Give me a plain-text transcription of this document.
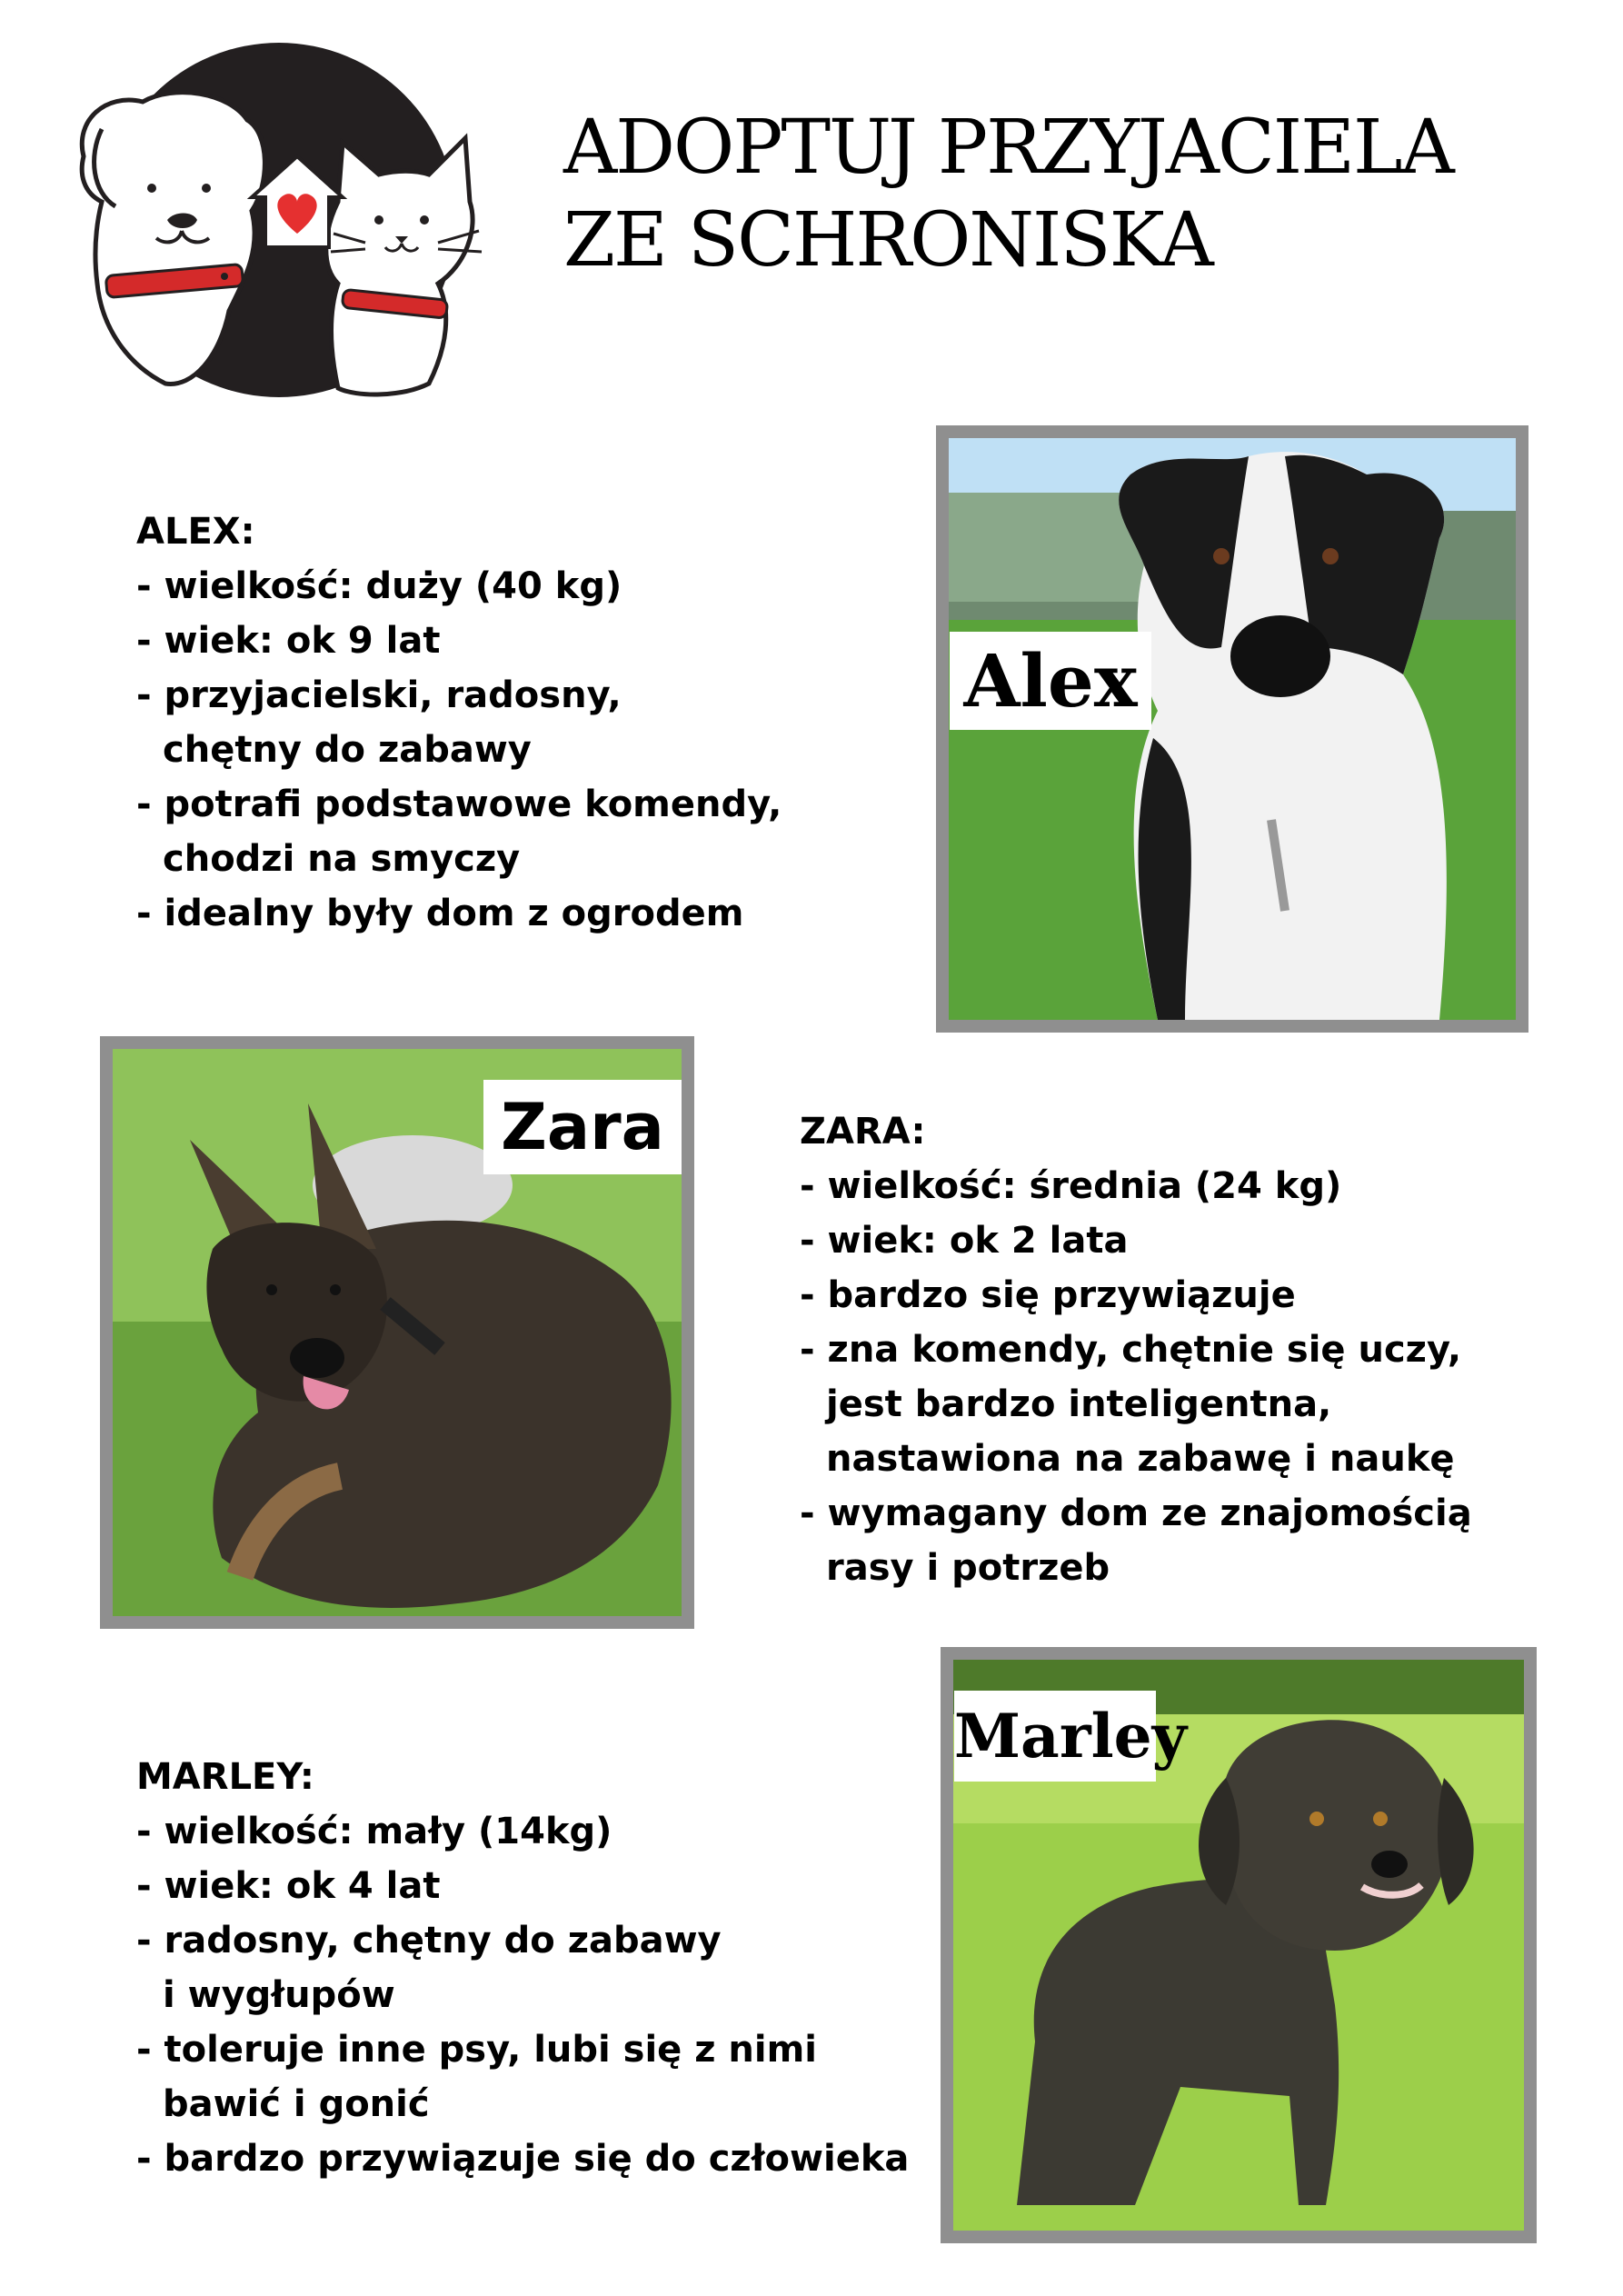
ADOPTUJ PRZYJACIELA
ZE SCHRONISKA
ALEX:
- wielkość: duży (40 kg)
- wiek: ok 9 lat
- przyjacielski, radosny,
chętny do zabawy
- potrafi podstawowe komendy,
chodzi na smyczy
- idealny były dom z ogrodem
Alex
Zara	ZARA:
- wielkość: średnia (24 kg)
- wiek: ok 2 lata
- bardzo się przywiązuje
- zna komendy, chętnie się uczy,
jest bardzo inteligentna,
nastawiona na zabawę i naukę
- wymagany dom ze znajomością
rasy i potrzeb
MARLEY:
- wielkość: mały (14kg)
- wiek: ok 4 lat
- radosny, chętny do zabawy
i wygłupów
- toleruje inne psy, lubi się z nimi
bawić i gonić
- bardzo przywiązuje się do człowieka
Marley
